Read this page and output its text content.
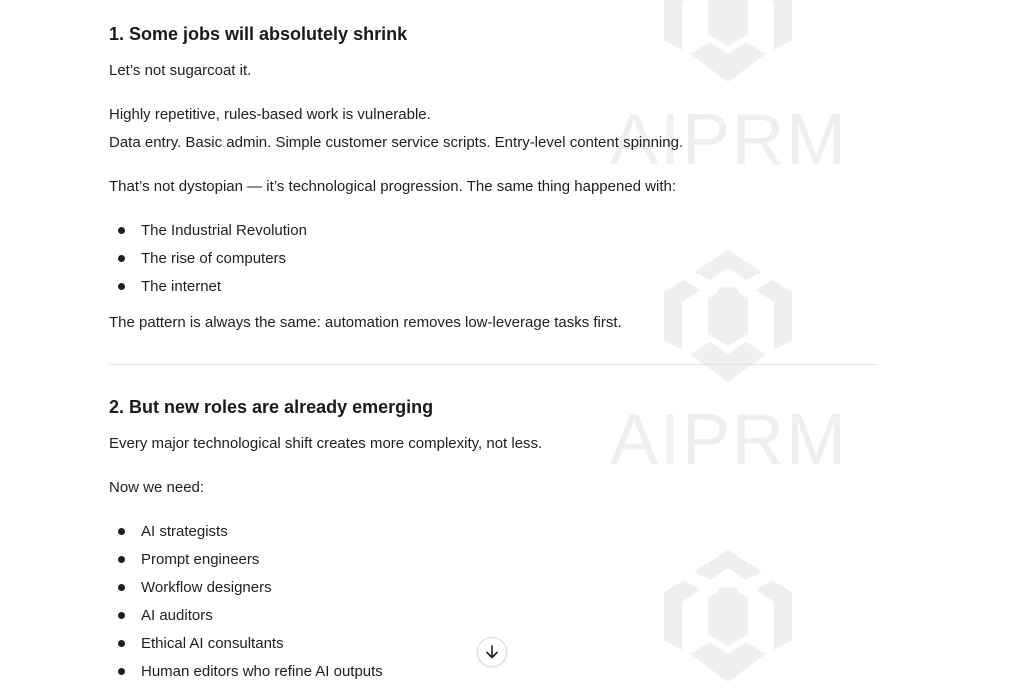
AIPRM
AIPRM
1. Some jobs will absolutely shrink

Let’s not sugarcoat it.

Highly repetitive, rules-based work is vulnerable.

Data entry. Basic admin. Simple customer service scripts. Entry-level content spinning.

That’s not dystopian — it’s technological progression. The same thing happened with:

The Industrial Revolution
The rise of computers
The internet

The pattern is always the same: automation removes low-leverage tasks first.

2. But new roles are already emerging

Every major technological shift creates more complexity, not less.

Now we need:

AI strategists
Prompt engineers
Workflow designers
AI auditors
Ethical AI consultants
Human editors who refine AI outputs
